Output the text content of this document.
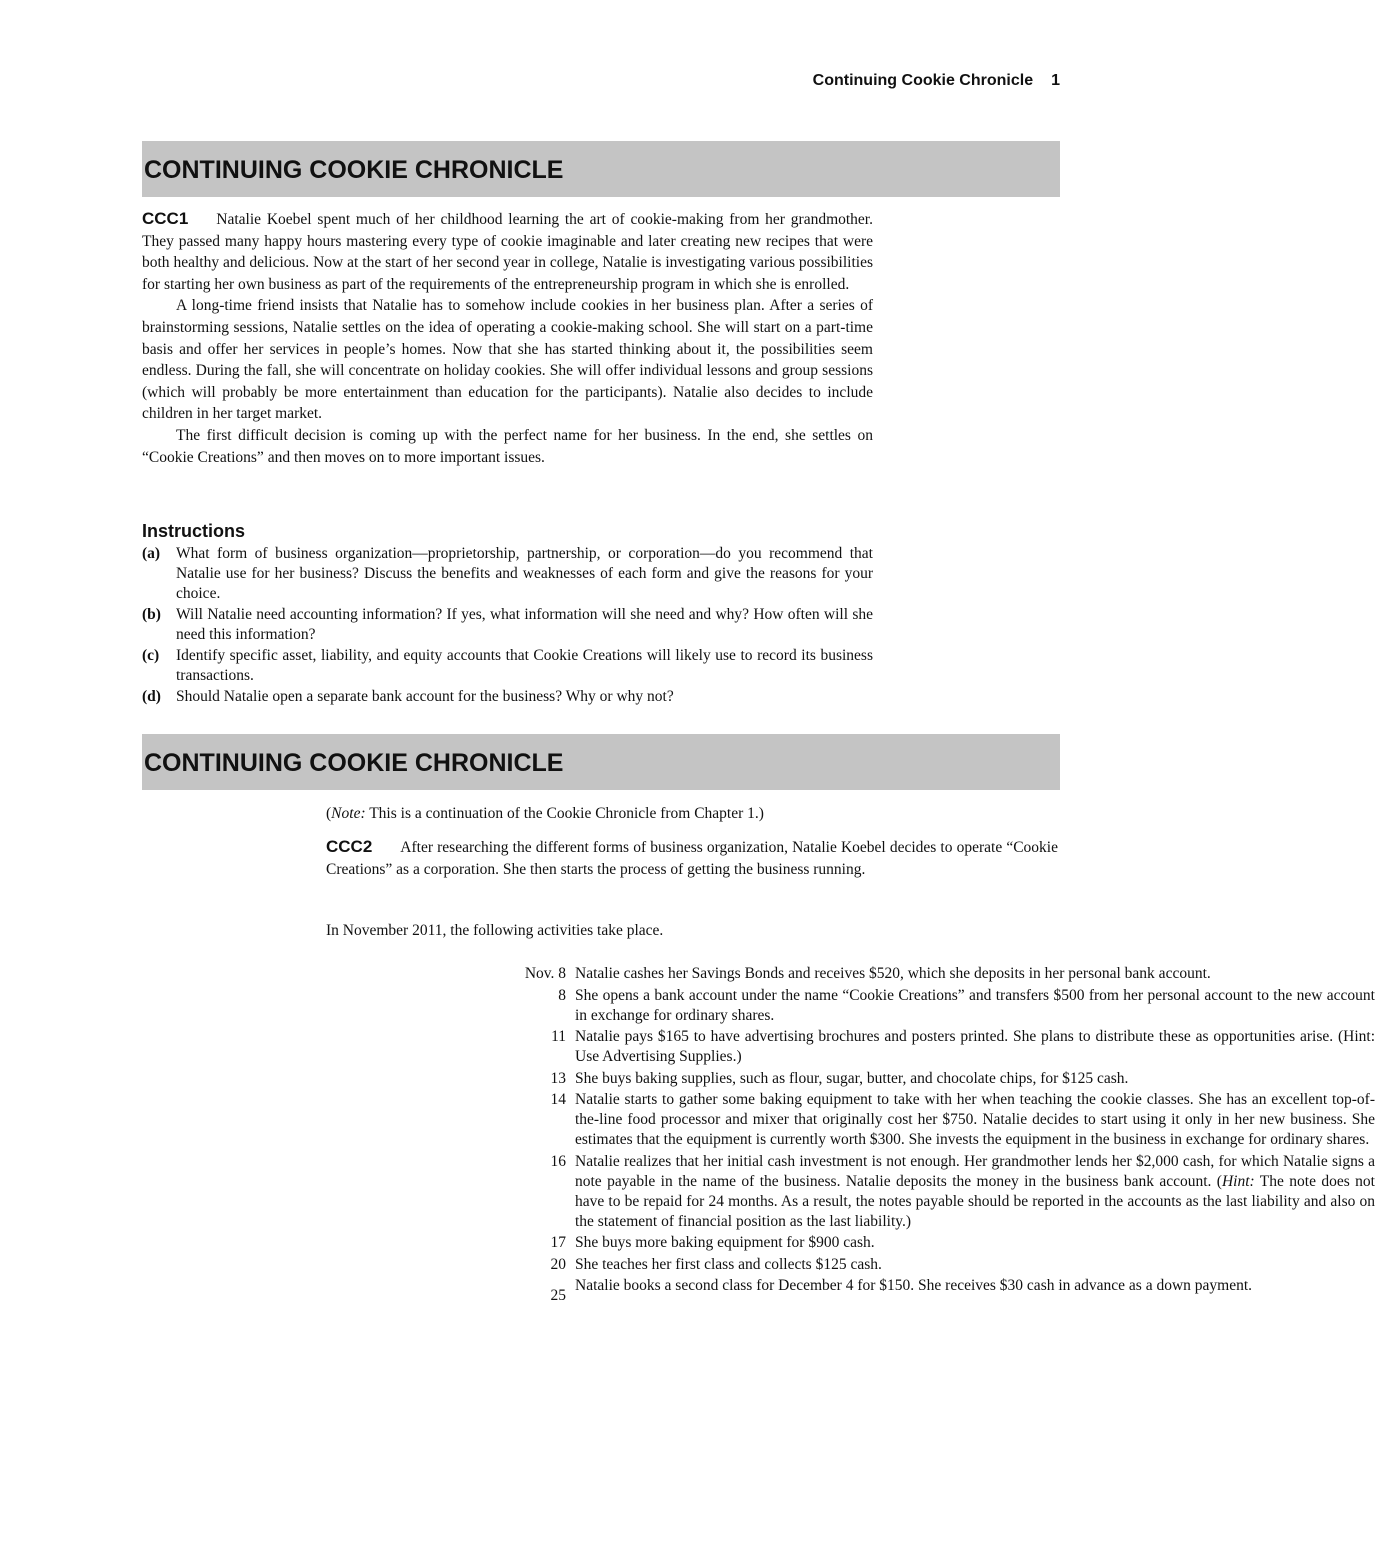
Continuing Cookie Chronicle 1
CONTINUING COOKIE CHRONICLE

CCC1 Natalie Koebel spent much of her childhood learning the art of cookie-making from her grandmother. They passed many happy hours mastering every type of cookie imaginable and later creating new recipes that were both healthy and delicious. Now at the start of her second year in college, Natalie is investigating various possibilities for starting her own business as part of the requirements of the entrepreneurship program in which she is enrolled.

A long-time friend insists that Natalie has to somehow include cookies in her business plan. After a series of brainstorming sessions, Natalie settles on the idea of operating a cookie-making school. She will start on a part-time basis and offer her services in people’s homes. Now that she has started thinking about it, the possibilities seem endless. During the fall, she will concentrate on holiday cookies. She will offer individual lessons and group sessions (which will probably be more entertainment than education for the participants). Natalie also decides to include children in her target market.

The first difficult decision is coming up with the perfect name for her business. In the end, she settles on “Cookie Creations” and then moves on to more important issues.

Instructions
(a)	What form of business organization—proprietorship, partnership, or corporation—do you recommend that Natalie use for her business? Discuss the benefits and weaknesses of each form and give the reasons for your choice.
(b) Will Natalie need accounting information? If yes, what information will she need and why? How often will she need this information?
(c)	Identify specific asset, liability, and equity accounts that Cookie Creations will likely use to record its business transactions.
(d) Should Natalie open a separate bank account for the business? Why or why not?
CONTINUING COOKIE CHRONICLE

(Note: This is a continuation of the Cookie Chronicle from Chapter 1.)

CCC2 After researching the different forms of business organization, Natalie Koebel decides to operate “Cookie Creations” as a corporation. She then starts the process of getting the business running.

In November 2011, the following activities take place.

Nov. 8 Natalie cashes her Savings Bonds and receives $520, which she deposits in her personal bank account.
8 She opens a bank account under the name “Cookie Creations” and transfers $500 from her personal account to the new account in exchange for ordinary shares.
11 Natalie pays $165 to have advertising brochures and posters printed. She plans to distribute these as opportunities arise. (Hint: Use Advertising Supplies.)
13 She buys baking supplies, such as flour, sugar, butter, and chocolate chips, for $125 cash.
14 Natalie starts to gather some baking equipment to take with her when teaching the cookie classes. She has an excellent top-of-the-line food processor and mixer that originally cost her $750. Natalie decides to start using it only in her new business. She estimates that the equipment is currently worth $300. She invests the equipment in the business in exchange for ordinary shares.
16 Natalie realizes that her initial cash investment is not enough. Her grandmother lends her $2,000 cash, for which Natalie signs a note payable in the name of the business. Natalie deposits the money in the business bank account. (Hint: The note does not have to be repaid for 24 months. As a result, the notes payable should be reported in the accounts as the last liability and also on the statement of financial position as the last liability.)
17 She buys more baking equipment for $900 cash.
20 She teaches her first class and collects $125 cash.
25
Natalie books a second class for December 4 for $150. She receives $30 cash in advance as a down payment.
